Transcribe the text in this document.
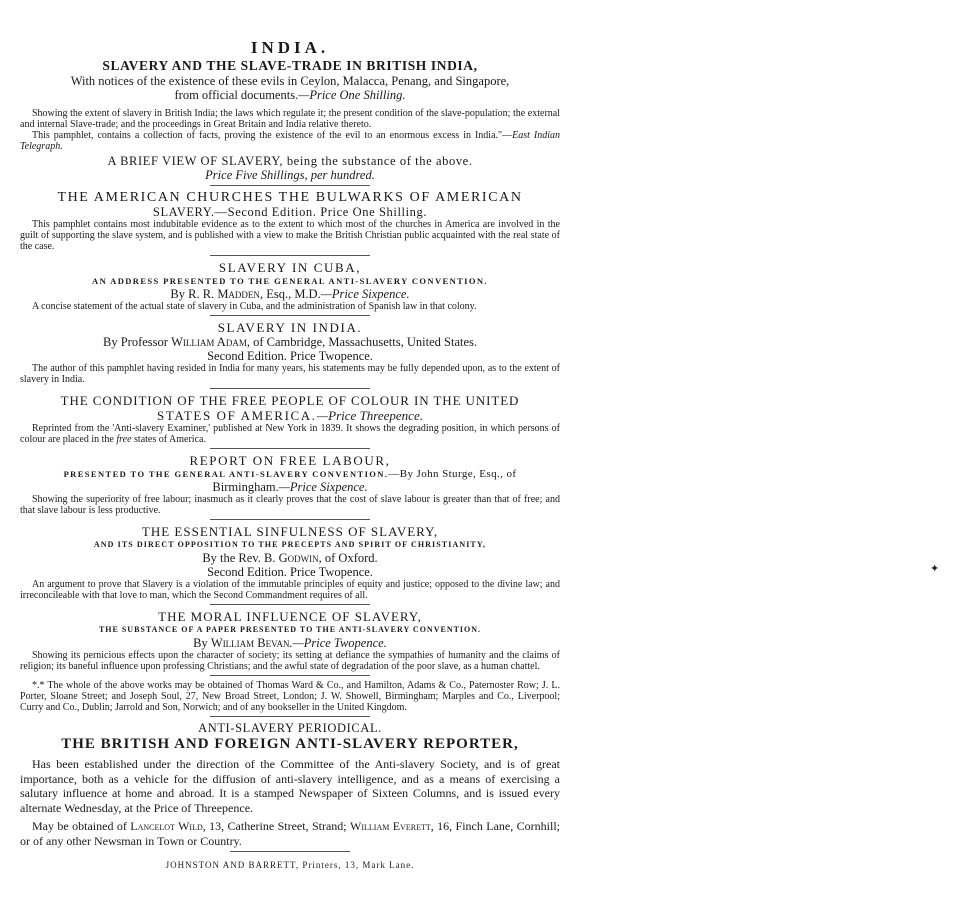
INDIA.

SLAVERY AND THE SLAVE-TRADE IN BRITISH INDIA,

With notices of the existence of these evils in Ceylon, Malacca, Penang, and Singapore,

from official documents.—Price One Shilling.

Showing the extent of slavery in British India; the laws which regulate it; the present condition of the slave-population; the external and internal Slave-trade; and the proceedings in Great Britain and India relative thereto.

This pamphlet, contains a collection of facts, proving the existence of the evil to an enormous excess in India."—East Indian Telegraph.

A BRIEF VIEW OF SLAVERY, being the substance of the above.

Price Five Shillings, per hundred.

THE AMERICAN CHURCHES THE BULWARKS OF AMERICAN

SLAVERY.—Second Edition. Price One Shilling.

This pamphlet contains most indubitable evidence as to the extent to which most of the churches in America are involved in the guilt of supporting the slave system, and is published with a view to make the British Christian public acquainted with the real state of the case.

SLAVERY IN CUBA,

AN ADDRESS PRESENTED TO THE GENERAL ANTI-SLAVERY CONVENTION.

By R. R. Madden, Esq., M.D.—Price Sixpence.

A concise statement of the actual state of slavery in Cuba, and the administration of Spanish law in that colony.

SLAVERY IN INDIA.

By Professor William Adam, of Cambridge, Massachusetts, United States.

Second Edition. Price Twopence.

The author of this pamphlet having resided in India for many years, his statements may be fully depended upon, as to the extent of slavery in India.

THE CONDITION OF THE FREE PEOPLE OF COLOUR IN THE UNITED

STATES OF AMERICA.—Price Threepence.

Reprinted from the 'Anti-slavery Examiner,' published at New York in 1839. It shows the degrading position, in which persons of colour are placed in the free states of America.

REPORT ON FREE LABOUR,

PRESENTED TO THE GENERAL ANTI-SLAVERY CONVENTION.—By John Sturge, Esq., of

Birmingham.—Price Sixpence.

Showing the superiority of free labour; inasmuch as it clearly proves that the cost of slave labour is greater than that of free; and that slave labour is less productive.

THE ESSENTIAL SINFULNESS OF SLAVERY,

AND ITS DIRECT OPPOSITION TO THE PRECEPTS AND SPIRIT OF CHRISTIANITY,

By the Rev. B. Godwin, of Oxford.

Second Edition. Price Twopence.

An argument to prove that Slavery is a violation of the immutable principles of equity and justice; opposed to the divine law; and irreconcileable with that love to man, which the Second Commandment requires of all.

THE MORAL INFLUENCE OF SLAVERY,

THE SUBSTANCE OF A PAPER PRESENTED TO THE ANTI-SLAVERY CONVENTION.

By William Bevan.—Price Twopence.

Showing its pernicious effects upon the character of society; its setting at defiance the sympathies of humanity and the claims of religion; its baneful influence upon professing Christians; and the awful state of degradation of the poor slave, as a human chattel.

*.* The whole of the above works may be obtained of Thomas Ward & Co., and Hamilton, Adams & Co., Paternoster Row; J. L. Porter, Sloane Street; and Joseph Soul, 27, New Broad Street, London; J. W. Showell, Birmingham; Marples and Co., Liverpool; Curry and Co., Dublin; Jarrold and Son, Norwich; and of any bookseller in the United Kingdom.

ANTI-SLAVERY PERIODICAL.

THE BRITISH AND FOREIGN ANTI-SLAVERY REPORTER,

Has been established under the direction of the Committee of the Anti-slavery Society, and is of great importance, both as a vehicle for the diffusion of anti-slavery intelligence, and as a means of exercising a salutary influence at home and abroad. It is a stamped Newspaper of Sixteen Columns, and is issued every alternate Wednesday, at the Price of Threepence.

May be obtained of Lancelot Wild, 13, Catherine Street, Strand; William Everett, 16, Finch Lane, Cornhill; or of any other Newsman in Town or Country.

JOHNSTON AND BARRETT, Printers, 13, Mark Lane.

✦
